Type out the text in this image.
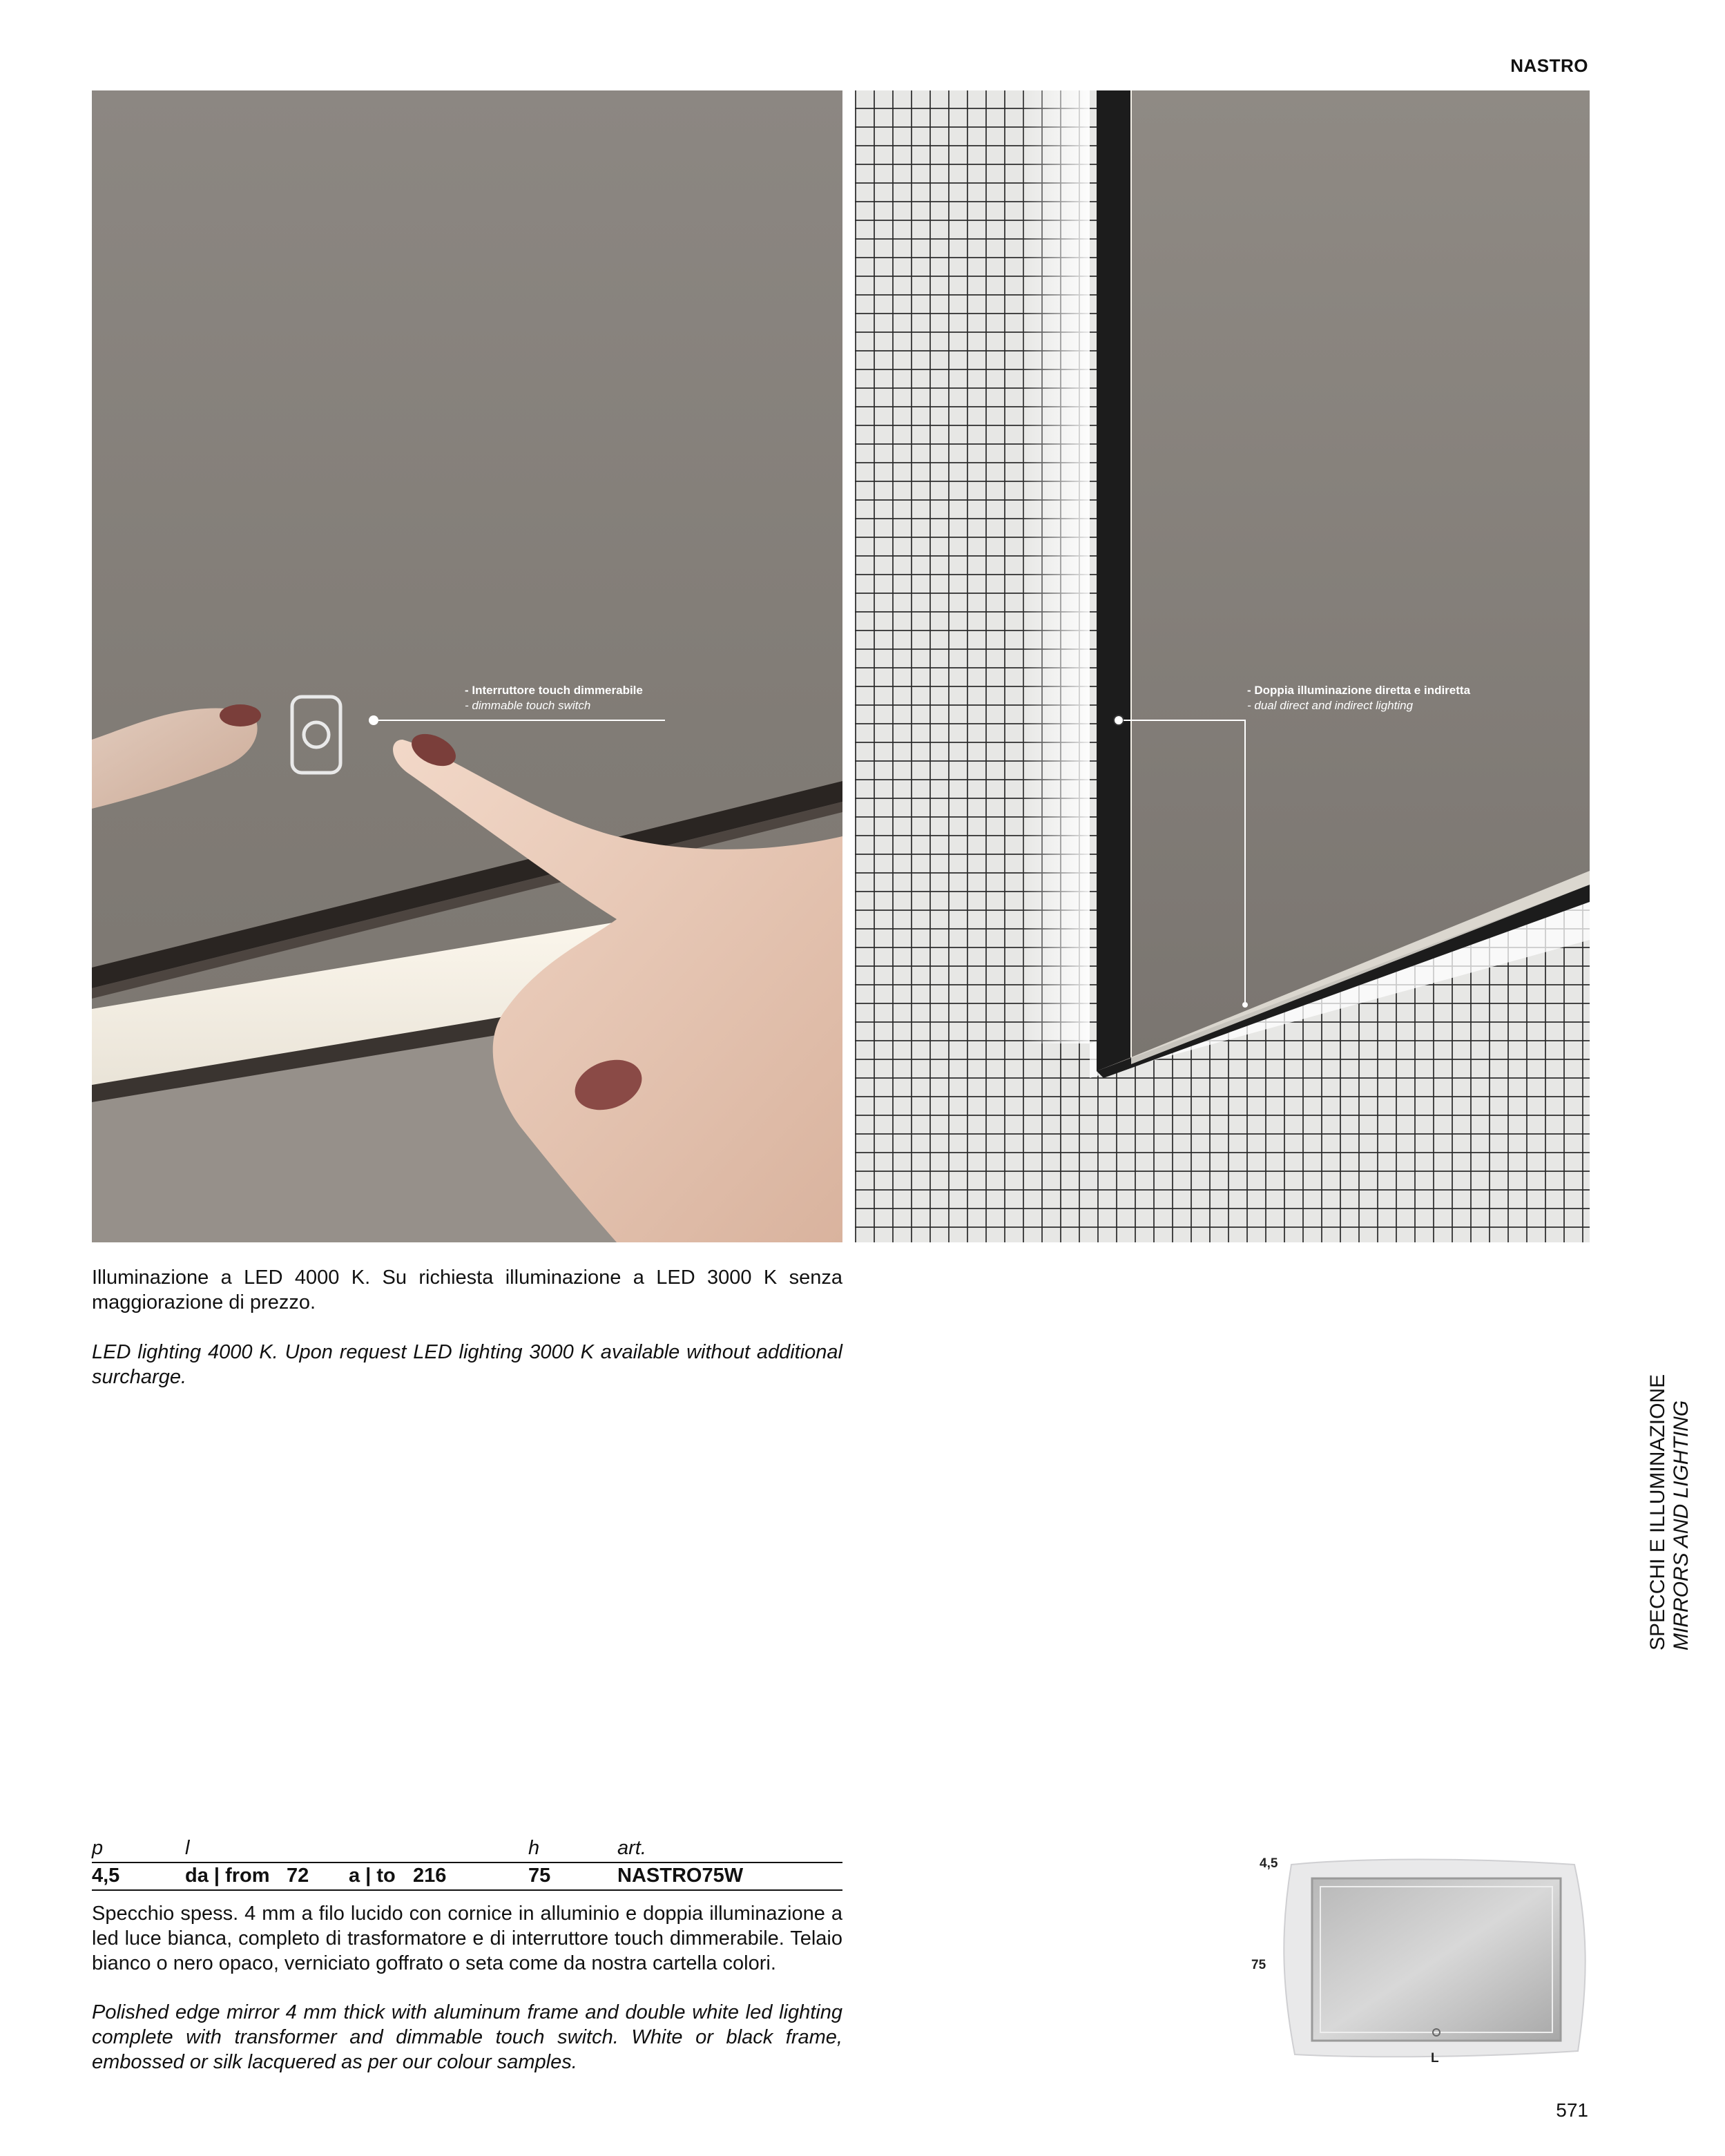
NASTRO
- Interruttore touch dimmerabile
- dimmable touch switch
- Doppia illuminazione diretta e indiretta
- dual direct and indirect lighting
Illuminazione a LED 4000 K. Su richiesta illuminazione a LED 3000 K senza maggiorazione di prezzo.
LED lighting 4000 K. Upon request LED lighting 3000 K available without additional surcharge.	SPECCHI E ILLUMINAZIONE MIRRORS AND LIGHTING
p	l	h	art.
4,5	da | from 72 a | to 216	75	NASTRO75W
Specchio spess. 4 mm a filo lucido con cornice in alluminio e doppia illuminazione a led luce bianca, completo di trasformatore e di interruttore touch dimmerabile. Telaio bianco o nero opaco, verniciato goffrato o seta come da nostra cartella colori.
Polished edge mirror 4 mm thick with aluminum frame and double white led lighting complete with transformer and dimmable touch switch. White or black frame, embossed or silk lacquered as per our colour samples.
4,5
75
L
571
